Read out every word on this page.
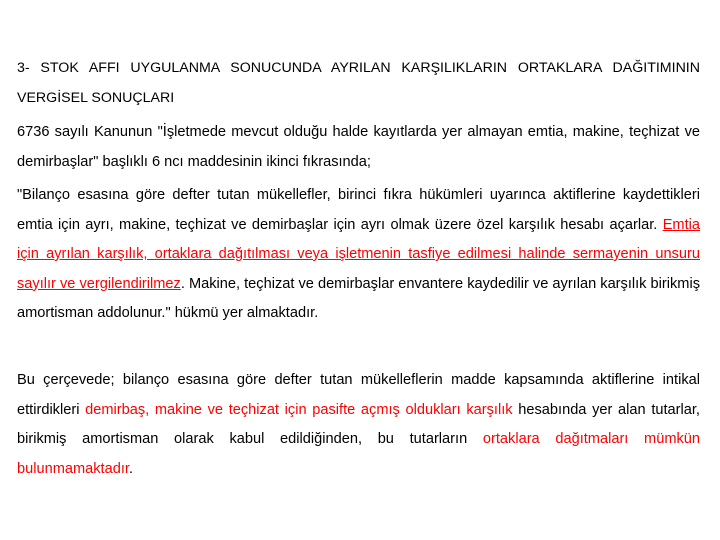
3- STOK AFFI UYGULANMA SONUCUNDA AYRILAN KARŞILIKLARIN ORTAKLARA DAĞITIMININ VERGİSEL SONUÇLARI
6736 sayılı Kanunun "İşletmede mevcut olduğu halde kayıtlarda yer almayan emtia, makine, teçhizat ve demirbaşlar" başlıklı 6 ncı maddesinin ikinci fıkrasında;
"Bilanço esasına göre defter tutan mükellefler, birinci fıkra hükümleri uyarınca aktiflerine kaydettikleri emtia için ayrı, makine, teçhizat ve demirbaşlar için ayrı olmak üzere özel karşılık hesabı açarlar. Emtia için ayrılan karşılık, ortaklara dağıtılması veya işletmenin tasfiye edilmesi halinde sermayenin unsuru sayılır ve vergilendirilmez. Makine, teçhizat ve demirbaşlar envantere kaydedilir ve ayrılan karşılık birikmiş amortisman addolunur." hükmü yer almaktadır.
Bu çerçevede; bilanço esasına göre defter tutan mükelleflerin madde kapsamında aktiflerine intikal ettirdikleri demirbaş, makine ve teçhizat için pasifte açmış oldukları karşılık hesabında yer alan tutarlar, birikmiş amortisman olarak kabul edildiğinden, bu tutarların ortaklara dağıtmaları mümkün bulunmamaktadır.
